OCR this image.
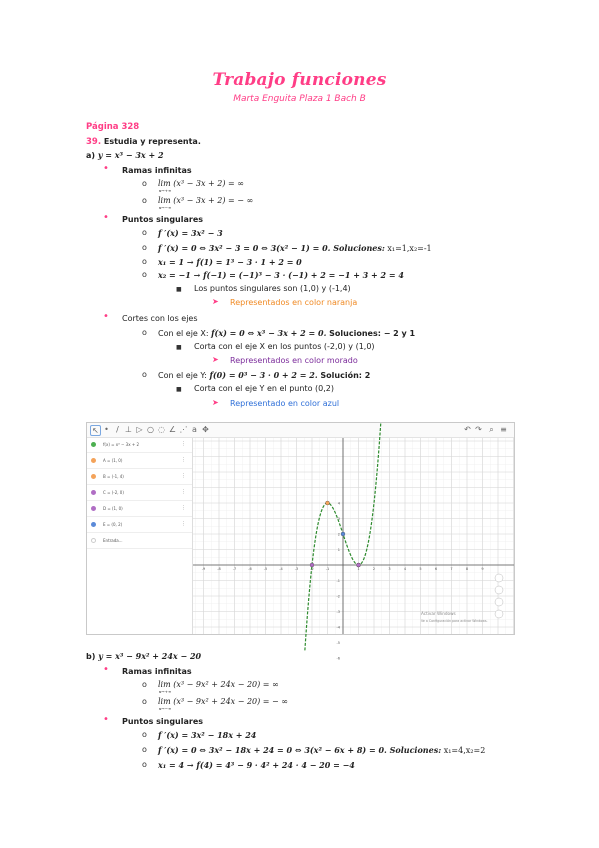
Trabajo funciones
Marta Enguita Plaza 1 Bach B
Página 328
39. Estudia y representa.
a) y = x³ − 3x + 2
• Ramas infinitas
o lim (x³ − 3x + 2) = ∞
x→+∞
o lim (x³ − 3x + 2) = − ∞
x→−∞
• Puntos singulares
o f ′(x) = 3x² − 3
o f ′(x) = 0 ⇔ 3x² − 3 = 0 ⇔ 3(x² − 1) = 0. Soluciones: x₁=1,x₂=-1
o x₁ = 1 → f(1) = 1³ − 3 · 1 + 2 = 0
o x₂ = −1 → f(−1) = (−1)³ − 3 · (−1) + 2 = −1 + 3 + 2 = 4
■ Los puntos singulares son (1,0) y (-1,4)
➤ Representados en color naranja
• Cortes con los ejes
o Con el eje X: f(x) = 0 ⇔ x³ − 3x + 2 = 0. Soluciones: − 2 y 1
■ Corta con el eje X en los puntos (-2,0) y (1,0)
➤ Representados en color morado
o Con el eje Y: f(0) = 0³ − 3 · 0 + 2 = 2. Solución: 2
■ Corta con el eje Y en el punto (0,2)
➤ Representado en color azul
↖ • / ⊥ ▷ ○ ◌ ∠ ⋰ a ✥	↶ ↷ ⌕ ≡
f(x) = x³ − 3x + 2	⋮
A = (1, 0)	⋮
B = (-1, 4)	⋮
C = (-2, 0)	⋮
D = (1, 0)	⋮
E = (0, 2)	⋮
Entrada...
-9	-8	-7	-6	-5	-4	-3	-2	-1	1	2	3	4	5	6	7	8	9
4
3
2
1
-1
-2
-3
-4
-5
-6
Activar Windows
Ve a Configuración para activar Windows.
b) y = x³ − 9x² + 24x − 20
• Ramas infinitas
o lim (x³ − 9x² + 24x − 20) = ∞
x→+∞
o lim (x³ − 9x² + 24x − 20) = − ∞
x→−∞
• Puntos singulares
o f ′(x) = 3x² − 18x + 24
o f ′(x) = 0 ⇔ 3x² − 18x + 24 = 0 ⇔ 3(x² − 6x + 8) = 0. Soluciones: x₁=4,x₂=2
o x₁ = 4 → f(4) = 4³ − 9 · 4² + 24 · 4 − 20 = −4
